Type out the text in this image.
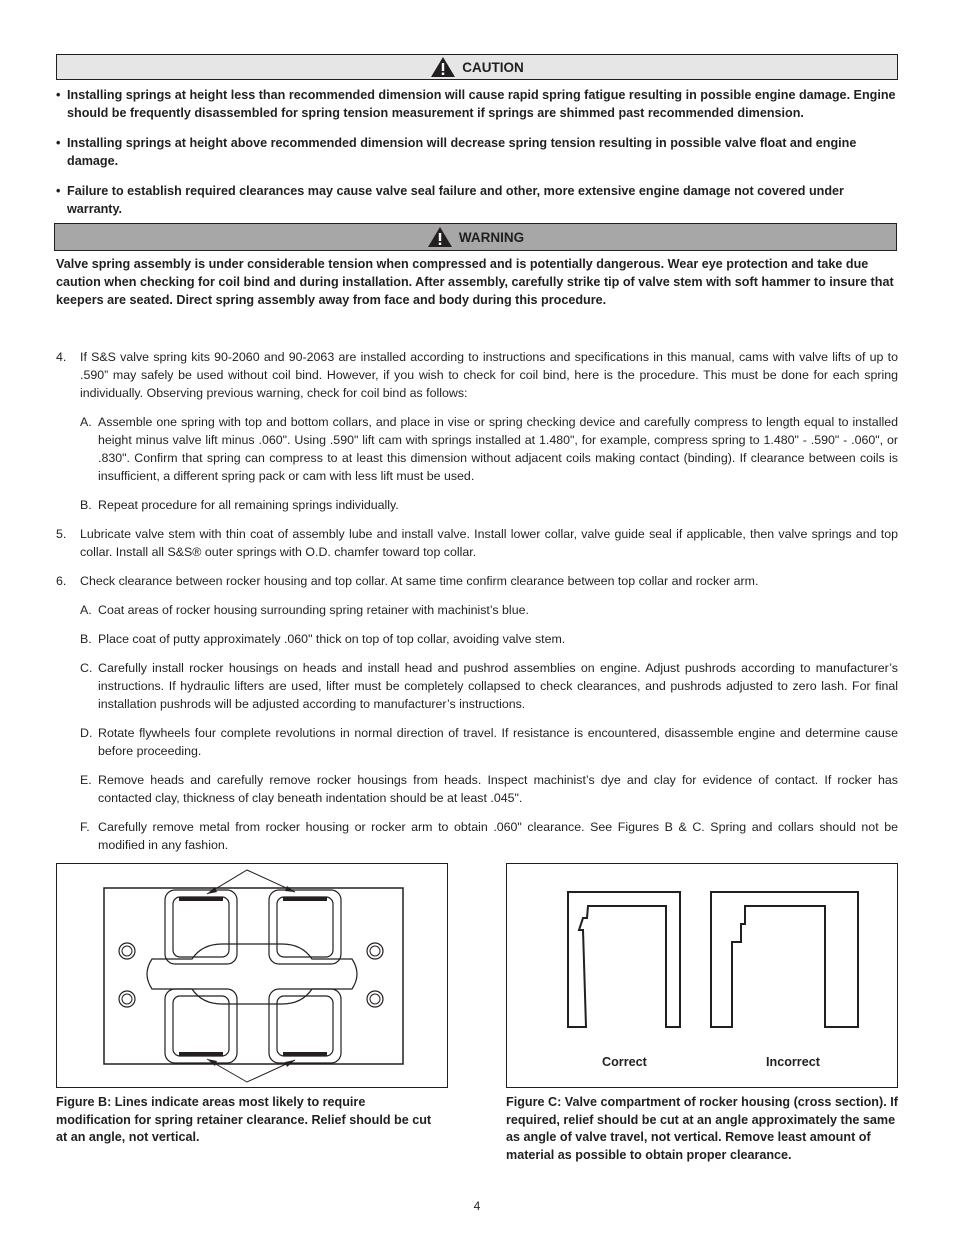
CAUTION
• Installing springs at height less than recommended dimension will cause rapid spring fatigue resulting in possible engine damage. Engine should be frequently disassembled for spring tension measurement if springs are shimmed past recommended dimension.
• Installing springs at height above recommended dimension will decrease spring tension resulting in possible valve float and engine damage.
• Failure to establish required clearances may cause valve seal failure and other, more extensive engine damage not covered under warranty.
WARNING
Valve spring assembly is under considerable tension when compressed and is potentially dangerous. Wear eye protection and take due caution when checking for coil bind and during installation. After assembly, carefully strike tip of valve stem with soft hammer to insure that keepers are seated. Direct spring assembly away from face and body during this procedure.
4.	If S&S valve spring kits 90-2060 and 90-2063 are installed according to instructions and specifications in this manual, cams with valve lifts of up to .590” may safely be used without coil bind. However, if you wish to check for coil bind, here is the procedure. This must be done for each spring individually. Observing previous warning, check for coil bind as follows:
A. Assemble one spring with top and bottom collars, and place in vise or spring checking device and carefully compress to length equal to installed height minus valve lift minus .060". Using .590" lift cam with springs installed at 1.480", for example, compress spring to 1.480" - .590" - .060", or .830". Confirm that spring can compress to at least this dimension without adjacent coils making contact (binding). If clearance between coils is insufficient, a different spring pack or cam with less lift must be used.
B. Repeat procedure for all remaining springs individually.
5.	Lubricate valve stem with thin coat of assembly lube and install valve. Install lower collar, valve guide seal if applicable, then valve springs and top collar. Install all S&S® outer springs with O.D. chamfer toward top collar.
6.	Check clearance between rocker housing and top collar. At same time confirm clearance between top collar and rocker arm.
A. Coat areas of rocker housing surrounding spring retainer with machinist’s blue.
B. Place coat of putty approximately .060" thick on top of top collar, avoiding valve stem.
C. Carefully install rocker housings on heads and install head and pushrod assemblies on engine. Adjust pushrods according to manufacturer’s instructions. If hydraulic lifters are used, lifter must be completely collapsed to check clearances, and pushrods adjusted to zero lash. For final installation pushrods will be adjusted according to manufacturer’s instructions.
D. Rotate flywheels four complete revolutions in normal direction of travel. If resistance is encountered, disassemble engine and determine cause before proceeding.
E. Remove heads and carefully remove rocker housings from heads. Inspect machinist’s dye and clay for evidence of contact. If rocker has contacted clay, thickness of clay beneath indentation should be at least .045".
F. Carefully remove metal from rocker housing or rocker arm to obtain .060" clearance. See Figures B & C. Spring and collars should not be modified in any fashion.
Figure B: Lines indicate areas most likely to require modification for spring retainer clearance. Relief should be cut at an angle, not vertical.
Correct	Incorrect
Figure C: Valve compartment of rocker housing (cross section). If required, relief should be cut at an angle approximately the same as angle of valve travel, not vertical. Remove least amount of material as possible to obtain proper clearance.
4
